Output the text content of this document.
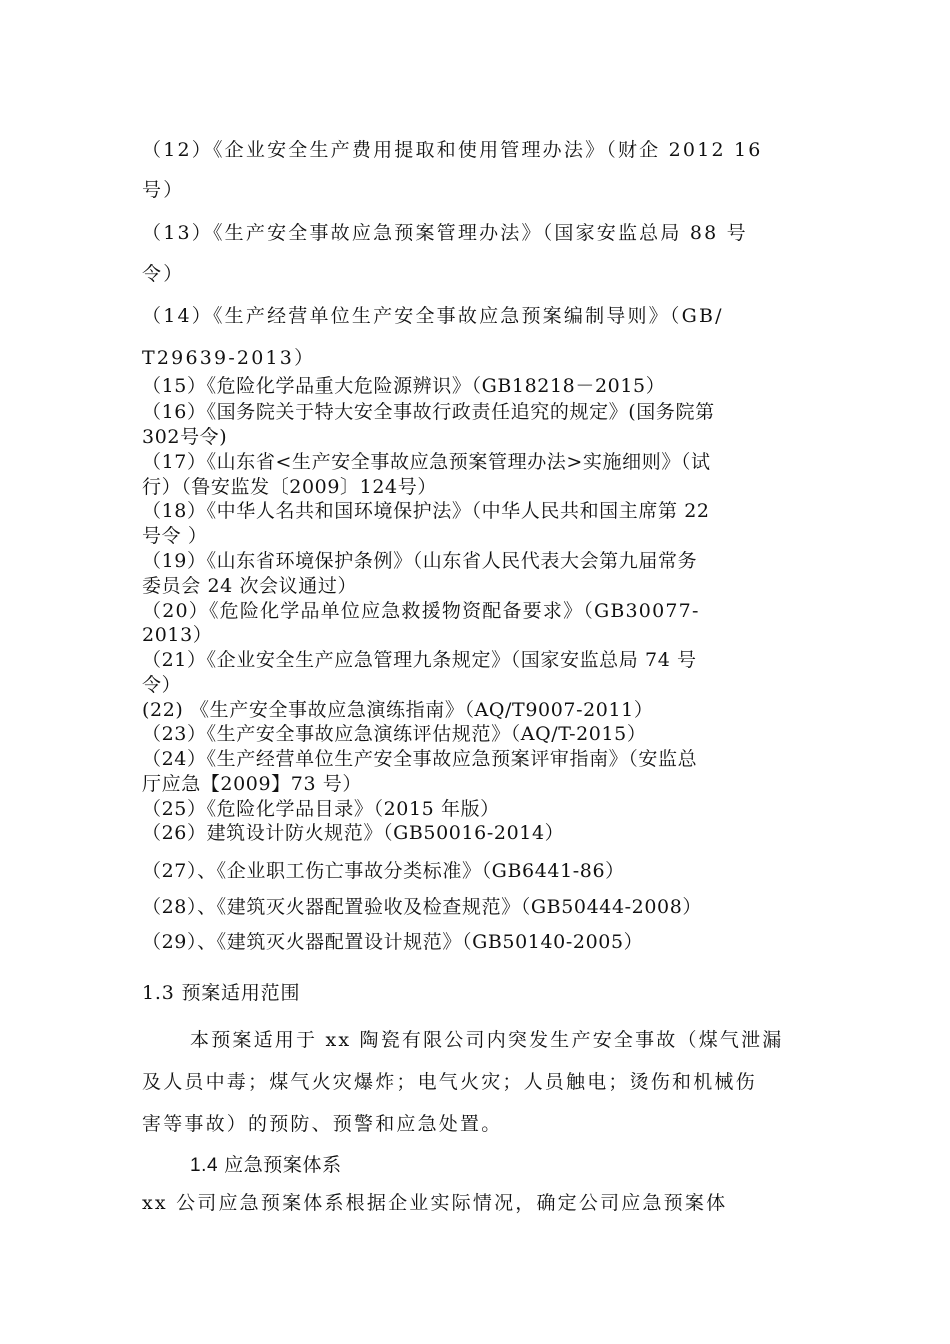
（12）《企业安全生产费用提取和使用管理办法》（财企 2012 16
号）
（13）《生产安全事故应急预案管理办法》（国家安监总局 88 号
令）
（14）《生产经营单位生产安全事故应急预案编制导则》（GB/
T29639-2013）
（15）《危险化学品重大危险源辨识》（GB18218－2015）
（16）《国务院关于特大安全事故行政责任追究的规定》(国务院第
302号令)
（17）《山东省<生产安全事故应急预案管理办法>实施细则》（试
行）（鲁安监发〔2009〕124号）
（18）《中华人名共和国环境保护法》（中华人民共和国主席第 22
号令 ）
（19）《山东省环境保护条例》（山东省人民代表大会第九届常务
委员会 24 次会议通过）
（20）《危险化学品单位应急救援物资配备要求》（GB30077-
2013）
（21）《企业安全生产应急管理九条规定》（国家安监总局 74 号
令）
(22) 《生产安全事故应急演练指南》（AQ/T9007-2011）
（23）《生产安全事故应急演练评估规范》（AQ/T-2015）
（24）《生产经营单位生产安全事故应急预案评审指南》（安监总
厅应急【2009】73 号）
（25）《危险化学品目录》（2015 年版）
（26）建筑设计防火规范》（GB50016-2014）
（27）、《企业职工伤亡事故分类标准》（GB6441-86）
（28）、《建筑灭火器配置验收及检查规范》（GB50444-2008）
（29）、《建筑灭火器配置设计规范》（GB50140-2005）
1.3 预案适用范围
本预案适用于 xx 陶瓷有限公司内突发生产安全事故（煤气泄漏
及人员中毒；煤气火灾爆炸；电气火灾；人员触电；烫伤和机械伤
害等事故）的预防、预警和应急处置。
1.4 应急预案体系
xx 公司应急预案体系根据企业实际情况，确定公司应急预案体
